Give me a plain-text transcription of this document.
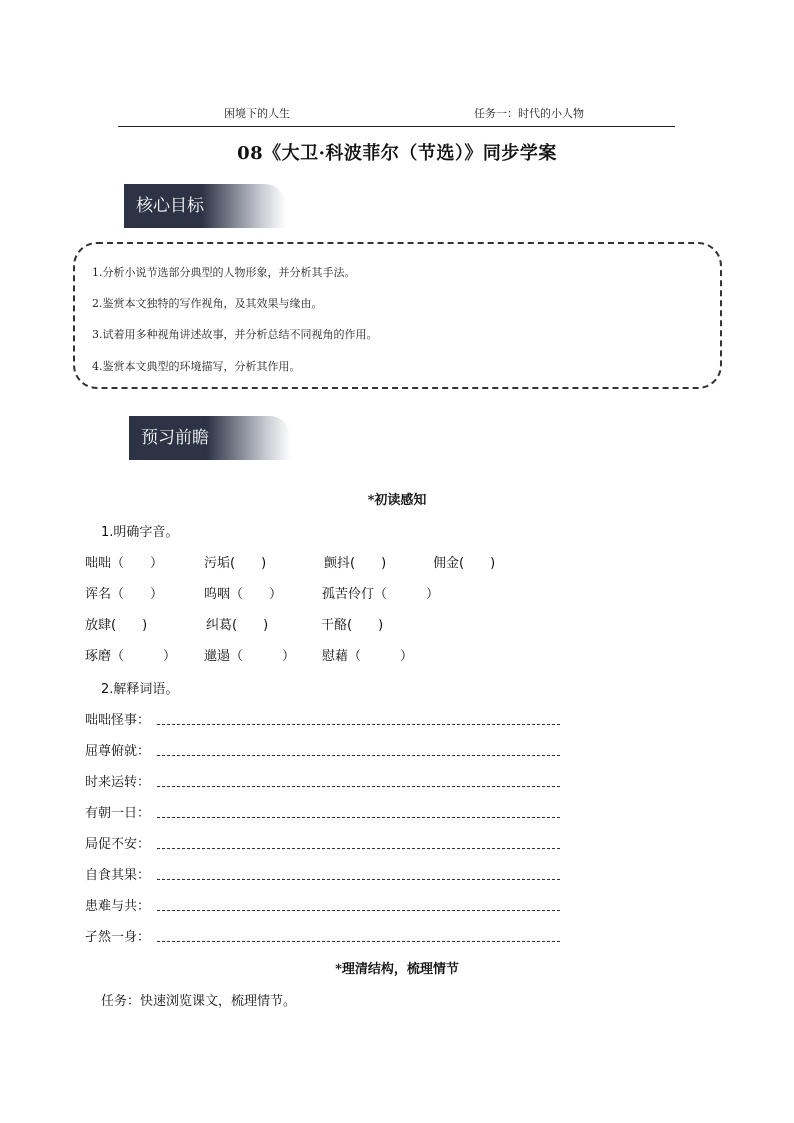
困境下的人生	任务一：时代的小人物
08《大卫·科波菲尔（节选）》同步学案
核心目标
1.分析小说节选部分典型的人物形象，并分析其手法。
2.鉴赏本文独特的写作视角，及其效果与缘由。
3.试着用多种视角讲述故事，并分析总结不同视角的作用。
4.鉴赏本文典型的环境描写，分析其作用。
预习前瞻
*初读感知
1.明确字音。
咄咄（　　）	污垢(　　)	颤抖(　　)	佣金(　　)
诨名（　　）	呜咽（　　）	孤苦伶仃（　　　）
放肆(　　)	纠葛(　　)	干酪(　　)
琢磨（　　　） 邋遢（　　　） 慰藉（　　　）
2.解释词语。
咄咄怪事：
屈尊俯就：
时来运转：
有朝一日：
局促不安：
自食其果：
患难与共：
孑然一身：
*理清结构，梳理情节
任务：快速浏览课文，梳理情节。
